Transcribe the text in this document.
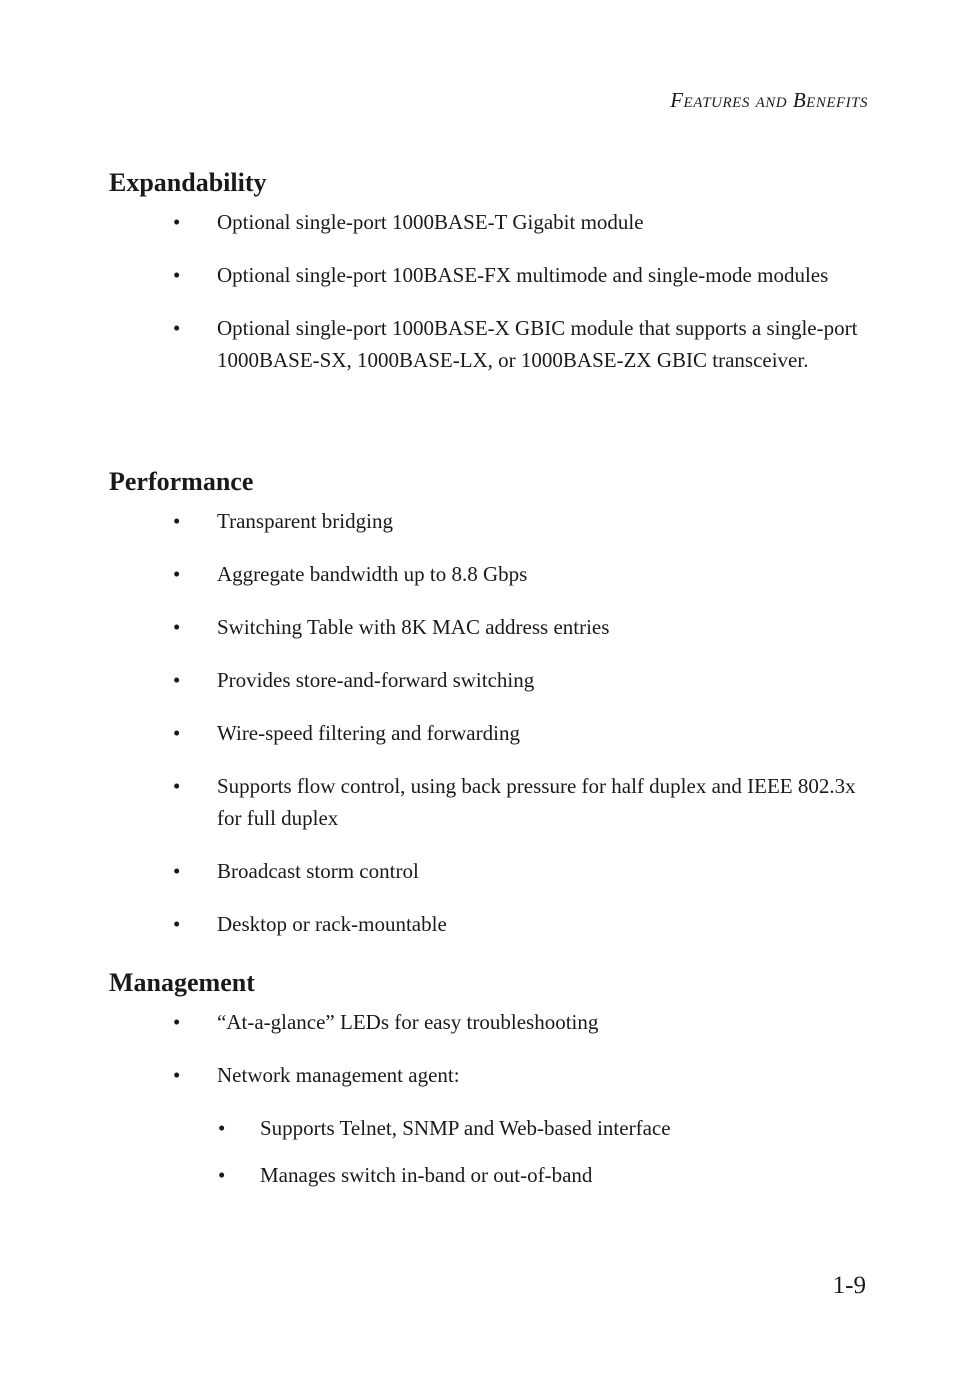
Features and Benefits
Expandability
• Optional single-port 1000BASE-T Gigabit module
• Optional single-port 100BASE-FX multimode and single-mode modules
• Optional single-port 1000BASE-X GBIC module that supports a single-port 1000BASE-SX, 1000BASE-LX, or 1000BASE-ZX GBIC transceiver.
Performance
• Transparent bridging
• Aggregate bandwidth up to 8.8 Gbps
• Switching Table with 8K MAC address entries
• Provides store-and-forward switching
• Wire-speed filtering and forwarding
• Supports flow control, using back pressure for half duplex and IEEE 802.3x for full duplex
• Broadcast storm control
• Desktop or rack-mountable
Management
• “At-a-glance” LEDs for easy troubleshooting
• Network management agent:
• Supports Telnet, SNMP and Web-based interface
• Manages switch in-band or out-of-band
1-9
